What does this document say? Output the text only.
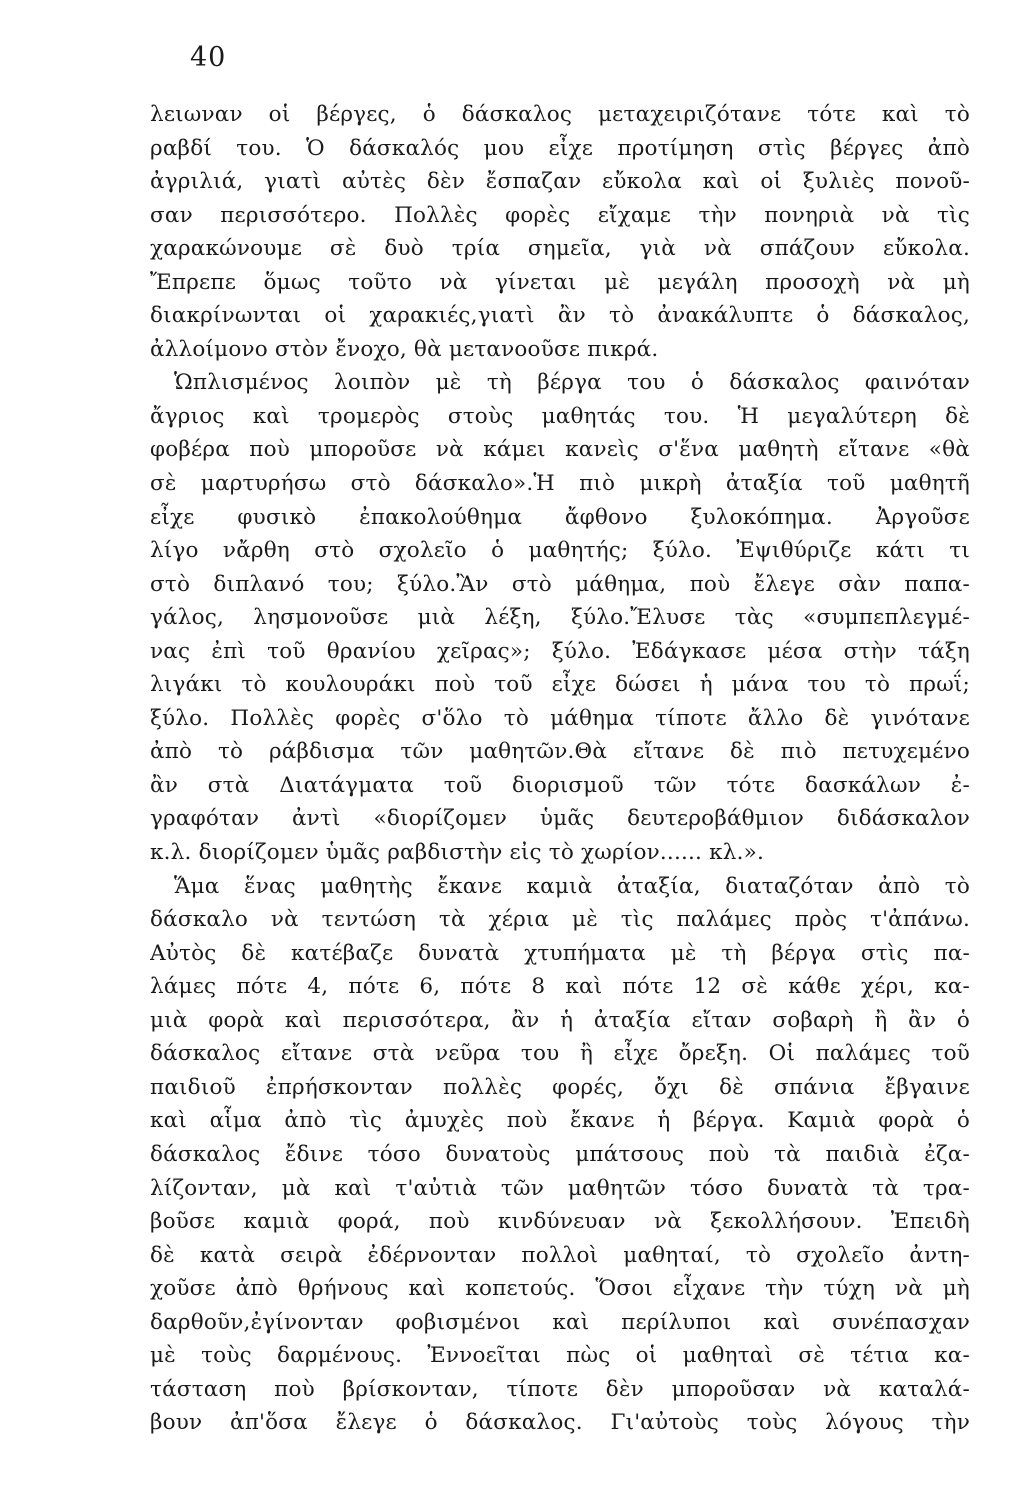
40
λειωναν οἱ βέργες, ὁ δάσκαλος μεταχειριζότανε τότε καὶ τὸ
ραβδί του. Ὁ δάσκαλός μου εἶχε προτίμηση στὶς βέργες ἀπὸ
ἀγριλιά, γιατὶ αὐτὲς δὲν ἔσπαζαν εὔκολα καὶ οἱ ξυλιὲς πονοῦ-
σαν περισσότερο. Πολλὲς φορὲς εἴχαμε τὴν πονηριὰ νὰ τὶς
χαρακώνουμε σὲ δυὸ τρία σημεῖα, γιὰ νὰ σπάζουν εὔκολα.
Ἔπρεπε ὅμως τοῦτο νὰ γίνεται μὲ μεγάλη προσοχὴ νὰ μὴ
διακρίνωνται οἱ χαρακιές,γιατὶ ἂν τὸ ἀνακάλυπτε ὁ δάσκαλος,
ἀλλοίμονο στὸν ἔνοχο, θὰ μετανοοῦσε πικρά.
Ὡπλισμένος λοιπὸν μὲ τὴ βέργα του ὁ δάσκαλος φαινόταν
ἄγριος καὶ τρομερὸς στοὺς μαθητάς του. Ἡ μεγαλύτερη δὲ
φοβέρα ποὺ μποροῦσε νὰ κάμει κανεὶς σ'ἕνα μαθητὴ εἴτανε «θὰ
σὲ μαρτυρήσω στὸ δάσκαλο».Ἡ πιὸ μικρὴ ἀταξία τοῦ μαθητῆ
εἶχε φυσικὸ ἐπακολούθημα ἄφθονο ξυλοκόπημα. Ἀργοῦσε
λίγο νἄρθη στὸ σχολεῖο ὁ μαθητής; ξύλο. Ἐψιθύριζε κάτι τι
στὸ διπλανό του; ξύλο.Ἂν στὸ μάθημα, ποὺ ἔλεγε σὰν παπα-
γάλος, λησμονοῦσε μιὰ λέξη, ξύλο.Ἔλυσε τὰς «συμπεπλεγμέ-
νας ἐπὶ τοῦ θρανίου χεῖρας»; ξύλο. Ἐδάγκασε μέσα στὴν τάξη
λιγάκι τὸ κουλουράκι ποὺ τοῦ εἶχε δώσει ἡ μάνα του τὸ πρωΐ;
ξύλο. Πολλὲς φορὲς σ'ὅλο τὸ μάθημα τίποτε ἄλλο δὲ γινότανε
ἀπὸ τὸ ράβδισμα τῶν μαθητῶν.Θὰ εἴτανε δὲ πιὸ πετυχεμένο
ἂν στὰ Διατάγματα τοῦ διορισμοῦ τῶν τότε δασκάλων ἐ-
γραφόταν ἀντὶ «διορίζομεν ὑμᾶς δευτεροβάθμιον διδάσκαλον
κ.λ. διορίζομεν ὑμᾶς ραβδιστὴν εἰς τὸ χωρίον...... κλ.».
Ἅμα ἕνας μαθητὴς ἔκανε καμιὰ ἀταξία, διαταζόταν ἀπὸ τὸ
δάσκαλο νὰ τεντώση τὰ χέρια μὲ τὶς παλάμες πρὸς τ'ἀπάνω.
Αὐτὸς δὲ κατέβαζε δυνατὰ χτυπήματα μὲ τὴ βέργα στὶς πα-
λάμες πότε 4, πότε 6, πότε 8 καὶ πότε 12 σὲ κάθε χέρι, κα-
μιὰ φορὰ καὶ περισσότερα, ἂν ἡ ἀταξία εἴταν σοβαρὴ ἢ ἂν ὁ
δάσκαλος εἴτανε στὰ νεῦρα του ἢ εἶχε ὄρεξη. Οἱ παλάμες τοῦ
παιδιοῦ ἐπρήσκονταν πολλὲς φορές, ὄχι δὲ σπάνια ἔβγαινε
καὶ αἷμα ἀπὸ τὶς ἀμυχὲς ποὺ ἔκανε ἡ βέργα. Καμιὰ φορὰ ὁ
δάσκαλος ἔδινε τόσο δυνατοὺς μπάτσους ποὺ τὰ παιδιὰ ἐζα-
λίζονταν, μὰ καὶ τ'αὐτιὰ τῶν μαθητῶν τόσο δυνατὰ τὰ τρα-
βοῦσε καμιὰ φορά, ποὺ κινδύνευαν νὰ ξεκολλήσουν. Ἐπειδὴ
δὲ κατὰ σειρὰ ἐδέρνονταν πολλοὶ μαθηταί, τὸ σχολεῖο ἀντη-
χοῦσε ἀπὸ θρήνους καὶ κοπετούς. Ὅσοι εἶχανε τὴν τύχη νὰ μὴ
δαρθοῦν,ἐγίνονταν φοβισμένοι καὶ περίλυποι καὶ συνέπασχαν
μὲ τοὺς δαρμένους. Ἐννοεῖται πὼς οἱ μαθηταὶ σὲ τέτια κα-
τάσταση ποὺ βρίσκονταν, τίποτε δὲν μποροῦσαν νὰ καταλά-
βουν ἀπ'ὅσα ἔλεγε ὁ δάσκαλος. Γι'αὐτοὺς τοὺς λόγους τὴν
